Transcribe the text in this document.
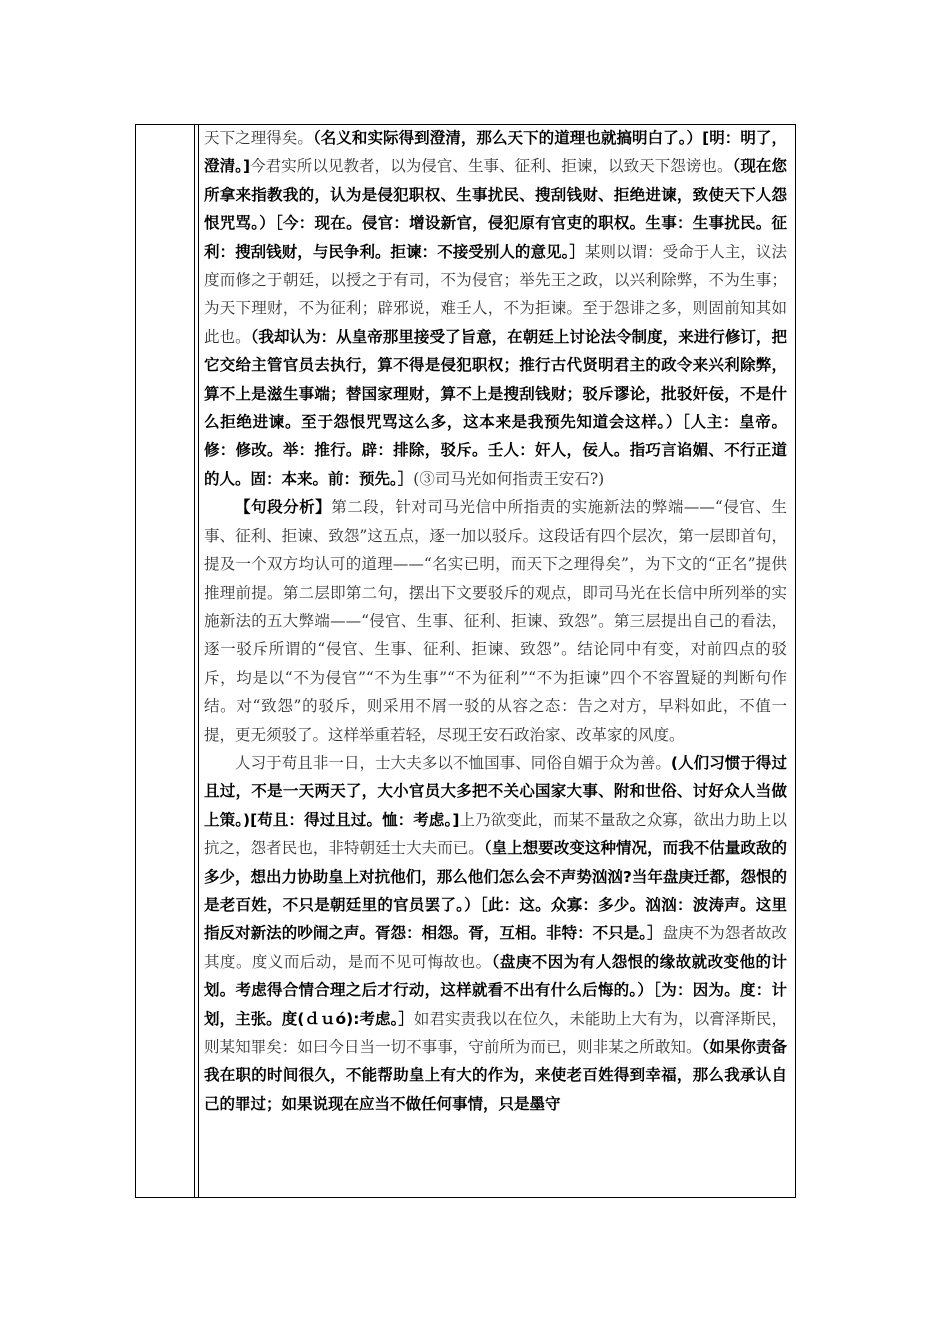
天下之理得矣。（名义和实际得到澄清，那么天下的道理也就搞明白了。）[明：明了，澄清。]今君实所以见教者，以为侵官、生事、征利、拒谏，以致天下怨谤也。（现在您所拿来指教我的，认为是侵犯职权、生事扰民、搜刮钱财、拒绝进谏，致使天下人怨恨咒骂。）［今：现在。侵官：增设新官，侵犯原有官吏的职权。生事：生事扰民。征利：搜刮钱财，与民争利。拒谏：不接受别人的意见。］某则以谓：受命于人主，议法度而修之于朝廷，以授之于有司，不为侵官；举先王之政，以兴利除弊，不为生事；为天下理财，不为征利；辟邪说，难壬人，不为拒谏。至于怨诽之多，则固前知其如此也。（我却认为：从皇帝那里接受了旨意，在朝廷上讨论法令制度，来进行修订，把它交给主管官员去执行，算不得是侵犯职权；推行古代贤明君主的政令来兴利除弊，算不上是滋生事端；替国家理财，算不上是搜刮钱财；驳斥谬论，批驳奸佞，不是什么拒绝进谏。至于怨恨咒骂这么多，这本来是我预先知道会这样。）［人主：皇帝。修：修改。举：推行。辟：排除，驳斥。壬人：奸人，佞人。指巧言谄媚、不行正道的人。固：本来。前：预先。］(③司马光如何指责王安石?)

【句段分析】第二段，针对司马光信中所指责的实施新法的弊端——“侵官、生事、征利、拒谏、致怨”这五点，逐一加以驳斥。这段话有四个层次，第一层即首句，提及一个双方均认可的道理——“名实已明，而天下之理得矣”，为下文的“正名”提供推理前提。第二层即第二句，摆出下文要驳斥的观点，即司马光在长信中所列举的实施新法的五大弊端——“侵官、生事、征利、拒谏、致怨”。第三层提出自己的看法，逐一驳斥所谓的“侵官、生事、征利、拒谏、致怨”。结论同中有变，对前四点的驳斥，均是以“不为侵官”“不为生事”“不为征利”“不为拒谏”四个不容置疑的判断句作结。对“致怨”的驳斥，则采用不屑一驳的从容之态：告之对方，早料如此，不值一提，更无须驳了。这样举重若轻，尽现王安石政治家、改革家的风度。

人习于苟且非一日，士大夫多以不恤国事、同俗自媚于众为善。(人们习惯于得过且过，不是一天两天了，大小官员大多把不关心国家大事、附和世俗、讨好众人当做上策。)[苟且：得过且过。恤：考虑。]上乃欲变此，而某不量敌之众寡，欲出力助上以抗之，怨者民也，非特朝廷士大夫而已。（皇上想要改变这种情况，而我不估量政敌的多少，想出力协助皇上对抗他们，那么他们怎么会不声势汹汹?当年盘庚迁都，怨恨的是老百姓，不只是朝廷里的官员罢了。）［此：这。众寡：多少。汹汹：波涛声。这里指反对新法的吵闹之声。胥怨：相怨。胥，互相。非特：不只是。］盘庚不为怨者故改其度。度义而后动，是而不见可悔故也。（盘庚不因为有人怨恨的缘故就改变他的计划。考虑得合情合理之后才行动，这样就看不出有什么后悔的。）［为：因为。度：计划，主张。度(ｄｕó):考虑。］如君实责我以在位久，未能助上大有为，以膏泽斯民，则某知罪矣：如曰今日当一切不事事，守前所为而已，则非某之所敢知。（如果你责备我在职的时间很久，不能帮助皇上有大的作为，来使老百姓得到幸福，那么我承认自己的罪过；如果说现在应当不做任何事情，只是墨守
